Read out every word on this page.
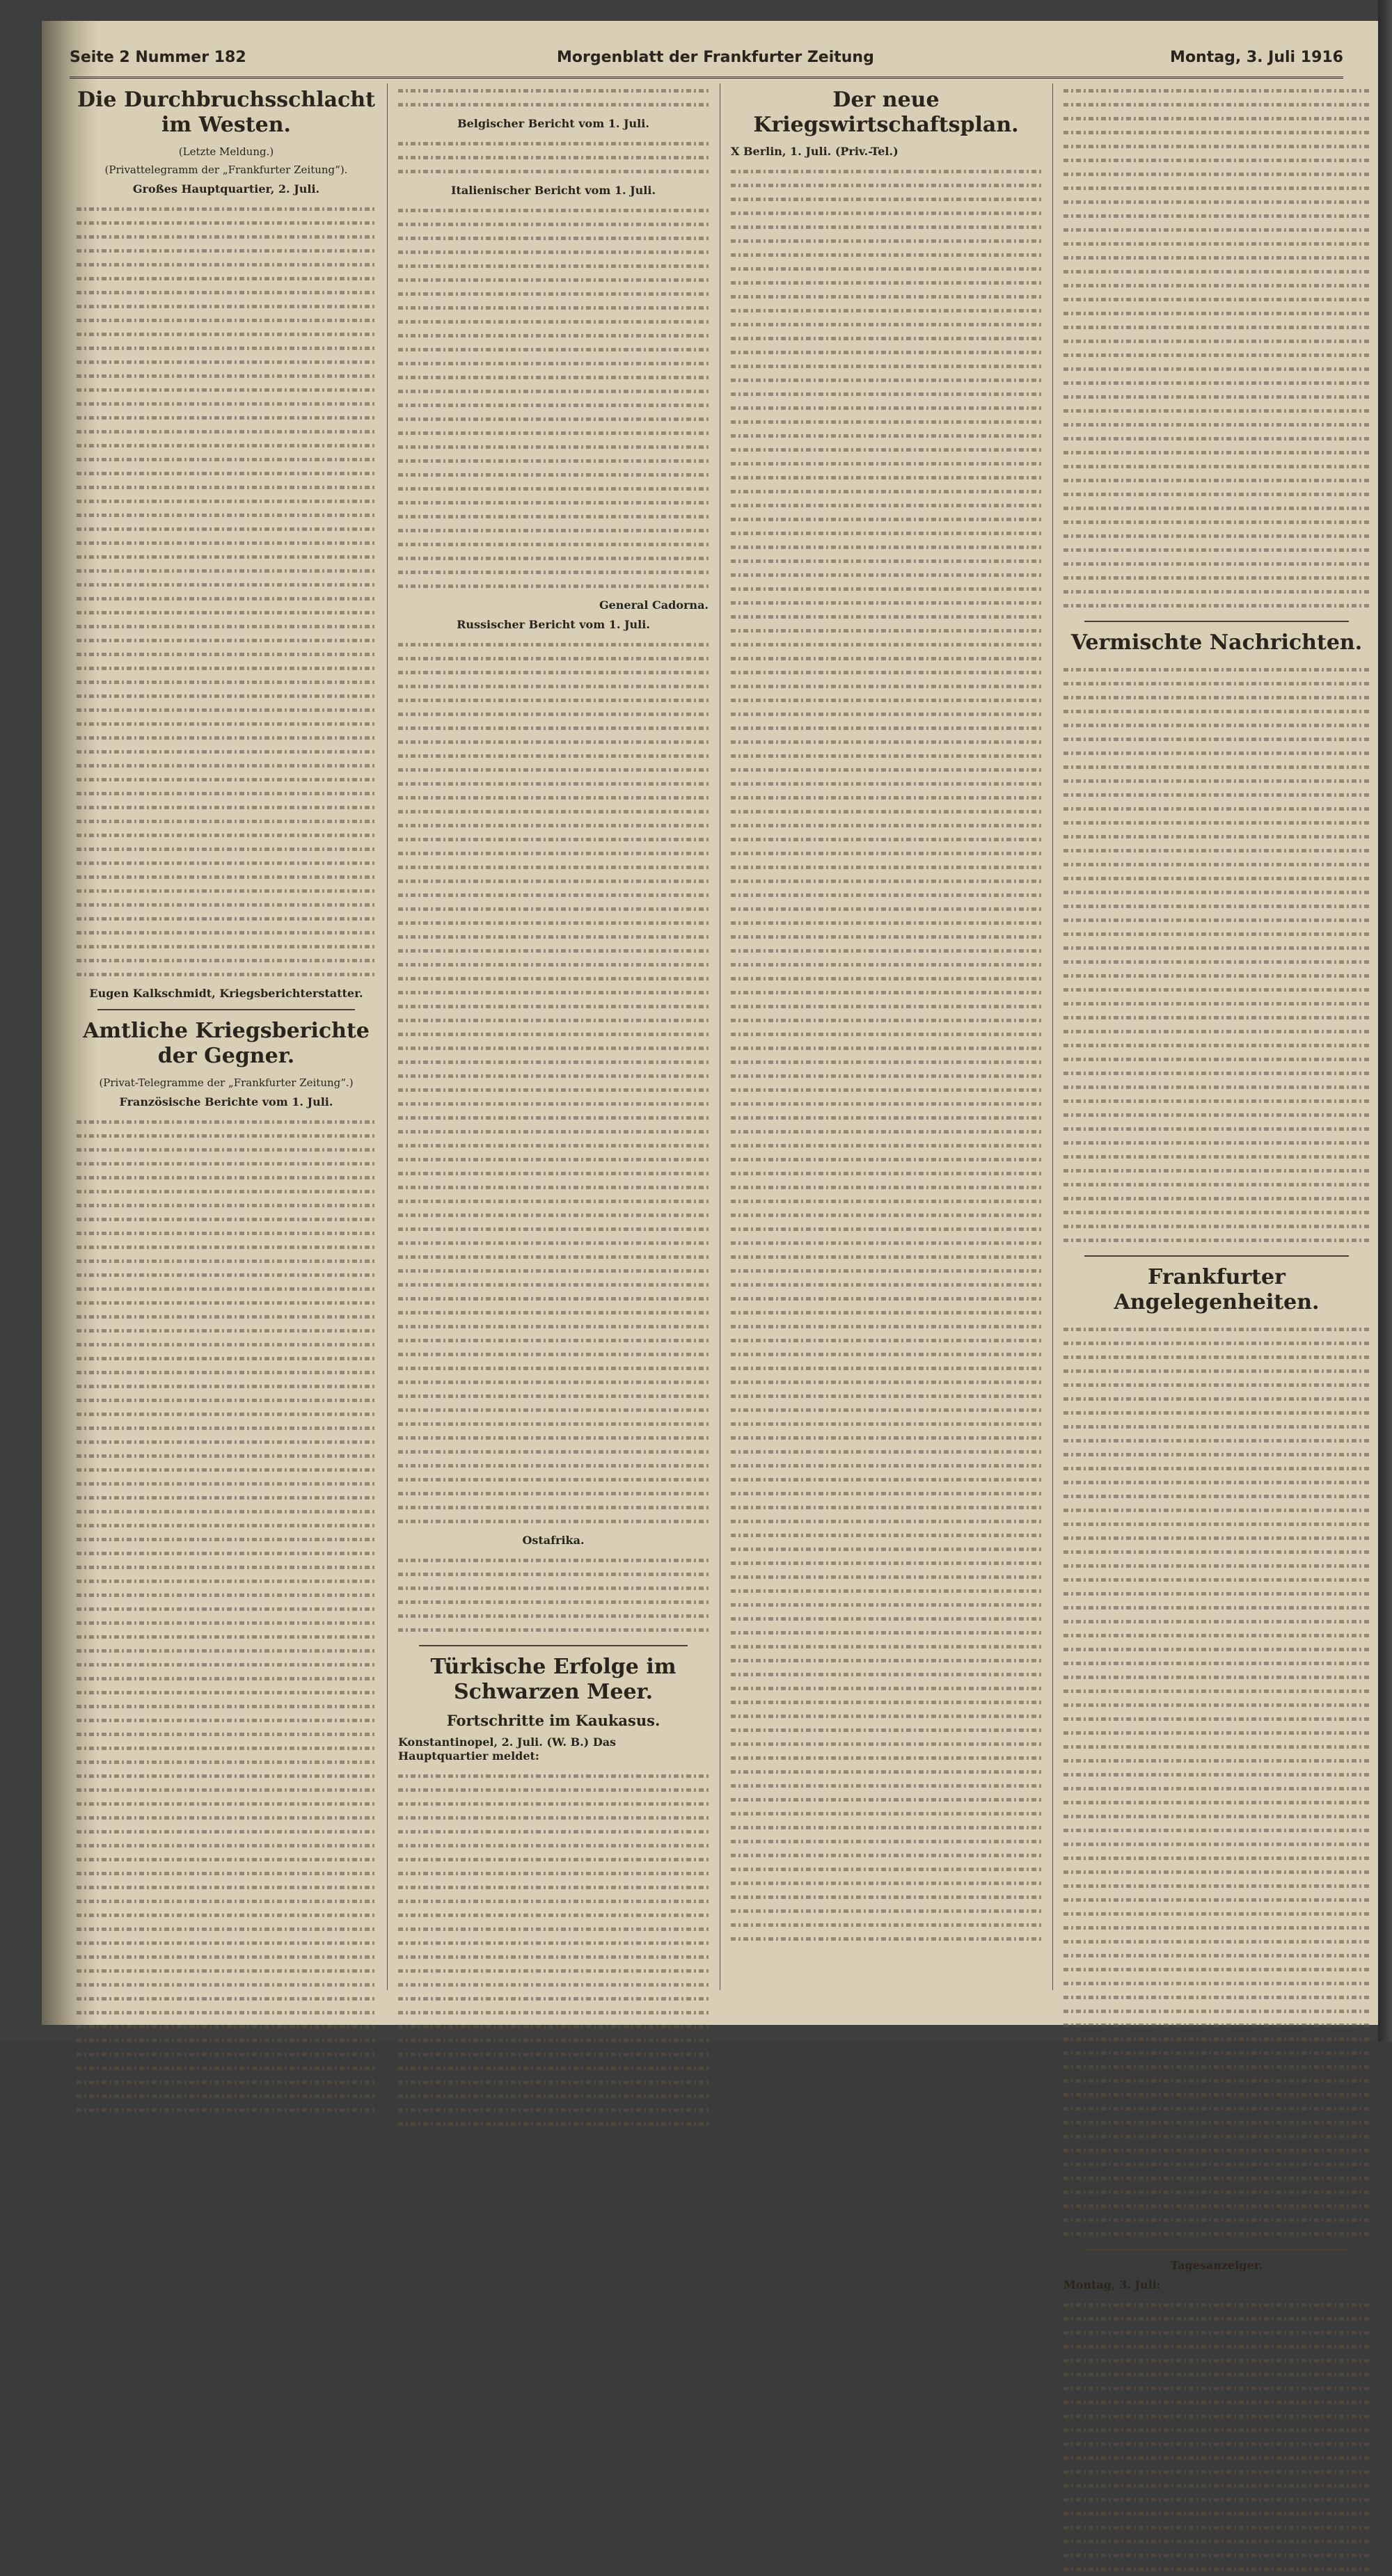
Seite 2 Nummer 182	Morgenblatt der Frankfurter Zeitung	Montag, 3. Juli 1916
Die Durchbruchsschlacht im Westen.
(Letzte Meldung.)
(Privattelegramm der „Frankfurter Zeitung“).
Großes Hauptquartier, 2. Juli.
Eugen Kalkschmidt, Kriegsberichterstatter.
Amtliche Kriegsberichte der Gegner.
(Privat-Telegramme der „Frankfurter Zeitung“.)
Französische Berichte vom 1. Juli.
Belgischer Bericht vom 1. Juli.
Italienischer Bericht vom 1. Juli.
General Cadorna.
Russischer Bericht vom 1. Juli.
Ostafrika.
Türkische Erfolge im Schwarzen Meer.
Fortschritte im Kaukasus.
Konstantinopel, 2. Juli. (W. B.) Das Hauptquartier meldet:
Der neue Kriegswirtschaftsplan.
X Berlin, 1. Juli. (Priv.-Tel.)
Vermischte Nachrichten.
Frankfurter Angelegenheiten.
Tagesanzeiger.
Montag, 3. Juli:
